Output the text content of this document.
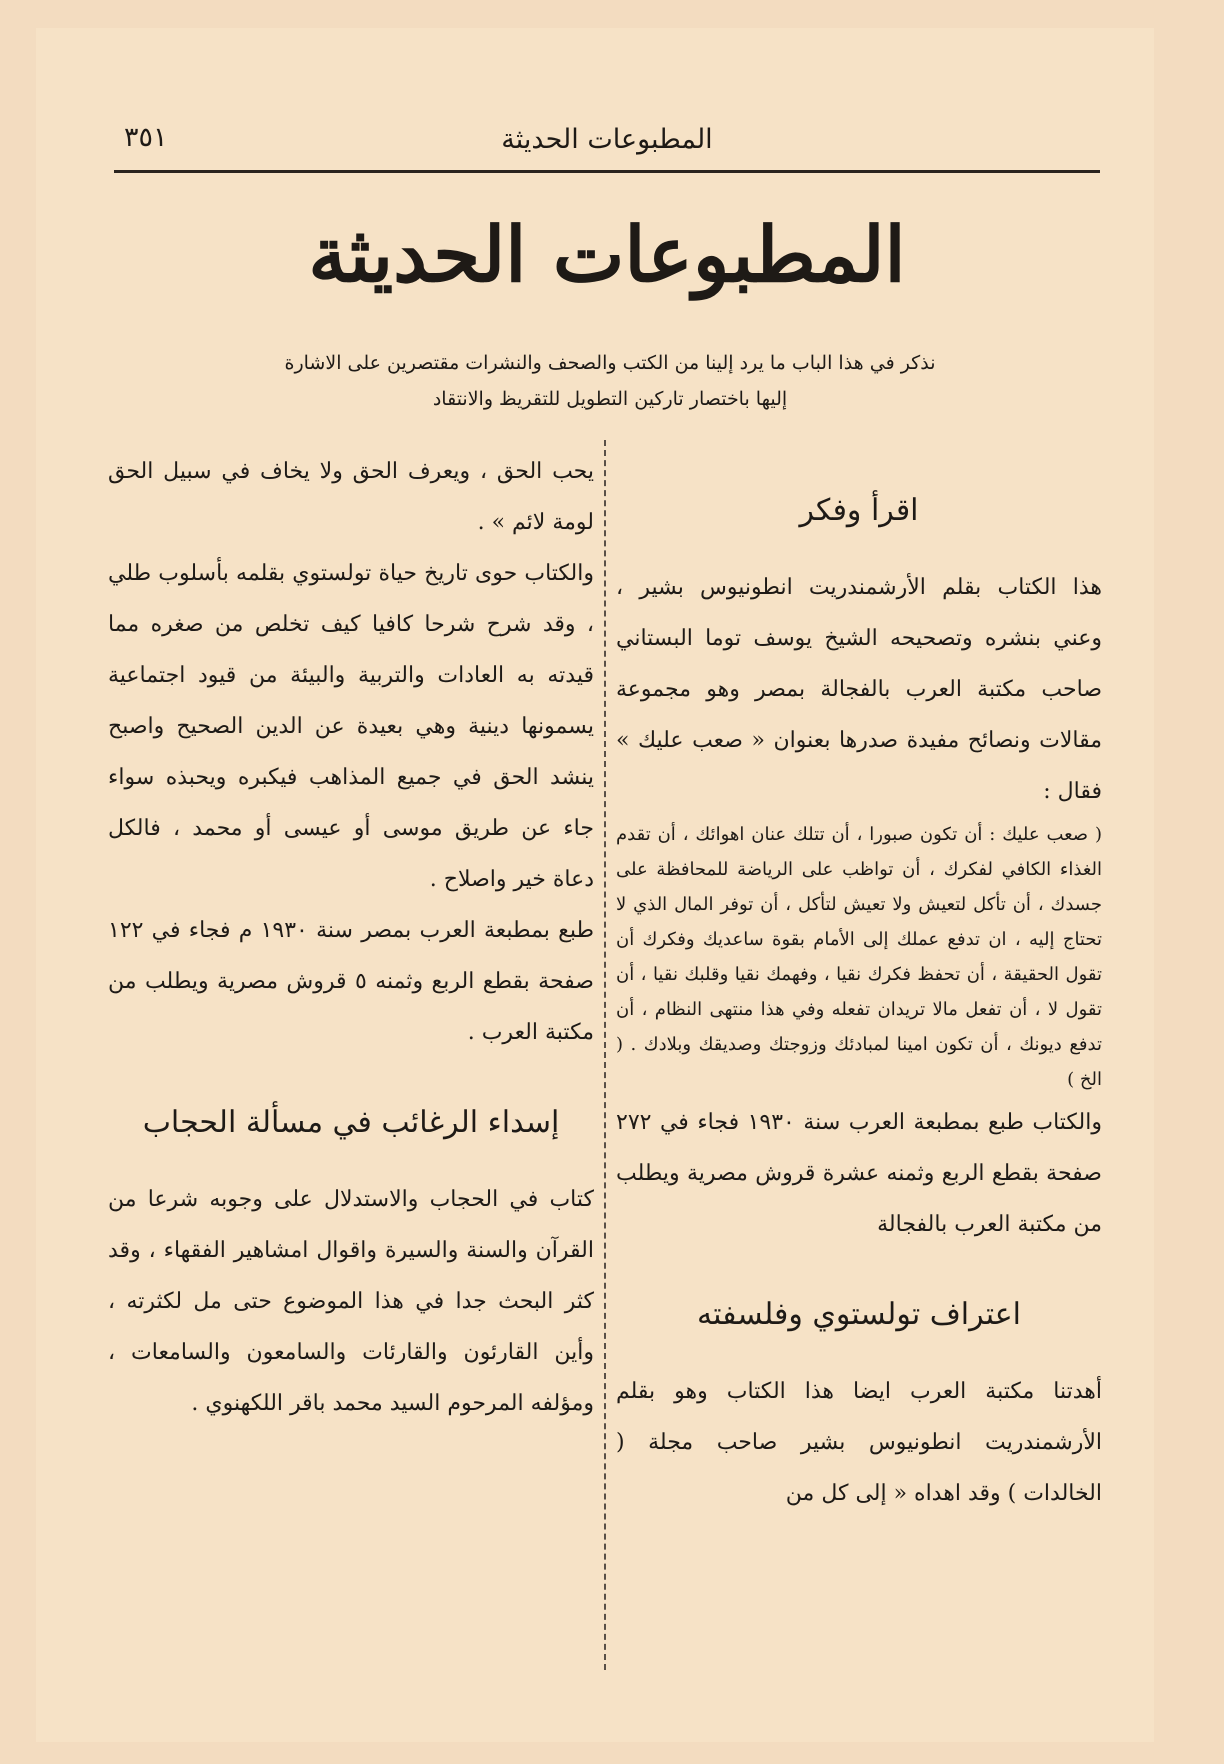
المطبوعات الحديثة
٣٥١
المطبوعات الحديثة
نذكر في هذا الباب ما يرد إلينا من الكتب والصحف والنشرات مقتصرين على الاشارة
إليها باختصار تاركين التطويل للتقريظ والانتقاد
اقرأ وفكر

هذا الكتاب بقلم الأرشمندريت انطونيوس بشير ، وعني بنشره وتصحيحه الشيخ يوسف توما البستاني صاحب مكتبة العرب بالفجالة بمصر وهو مجموعة مقالات ونصائح مفيدة صدرها بعنوان « صعب عليك » فقال :

( صعب عليك : أن تكون صبورا ، أن تتلك عنان اهوائك ، أن تقدم الغذاء الكافي لفكرك ، أن تواظب على الرياضة للمحافظة على جسدك ، أن تأكل لتعيش ولا تعيش لتأكل ، أن توفر المال الذي لا تحتاج إليه ، ان تدفع عملك إلى الأمام بقوة ساعديك وفكرك أن تقول الحقيقة ، أن تحفظ فكرك نقيا ، وفهمك نقيا وقلبك نقيا ، أن تقول لا ، أن تفعل مالا تريدان تفعله وفي هذا منتهى النظام ، أن تدفع ديونك ، أن تكون امينا لمبادئك وزوجتك وصديقك وبلادك . ( الخ )

والكتاب طبع بمطبعة العرب سنة ١٩٣٠ فجاء في ٢٧٢ صفحة بقطع الربع وثمنه عشرة قروش مصرية ويطلب من مكتبة العرب بالفجالة

اعتراف تولستوي وفلسفته

أهدتنا مكتبة العرب ايضا هذا الكتاب وهو بقلم الأرشمندريت انطونيوس بشير صاحب مجلة ( الخالدات ) وقد اهداه « إلى كل من

يحب الحق ، ويعرف الحق ولا يخاف في سبيل الحق لومة لائم » .

والكتاب حوى تاريخ حياة تولستوي بقلمه بأسلوب طلي ، وقد شرح شرحا كافيا كيف تخلص من صغره مما قيدته به العادات والتربية والبيئة من قيود اجتماعية يسمونها دينية وهي بعيدة عن الدين الصحيح واصبح ينشد الحق في جميع المذاهب فيكبره ويحبذه سواء جاء عن طريق موسى أو عيسى أو محمد ، فالكل دعاة خير واصلاح .

طبع بمطبعة العرب بمصر سنة ١٩٣٠ م فجاء في ١٢٢ صفحة بقطع الربع وثمنه ٥ قروش مصرية ويطلب من مكتبة العرب .

إسداء الرغائب في مسألة الحجاب

كتاب في الحجاب والاستدلال على وجوبه شرعا من القرآن والسنة والسيرة واقوال امشاهير الفقهاء ، وقد كثر البحث جدا في هذا الموضوع حتى مل لكثرته ، وأين القارئون والقارئات والسامعون والسامعات ، ومؤلفه المرحوم السيد محمد باقر اللكهنوي .
